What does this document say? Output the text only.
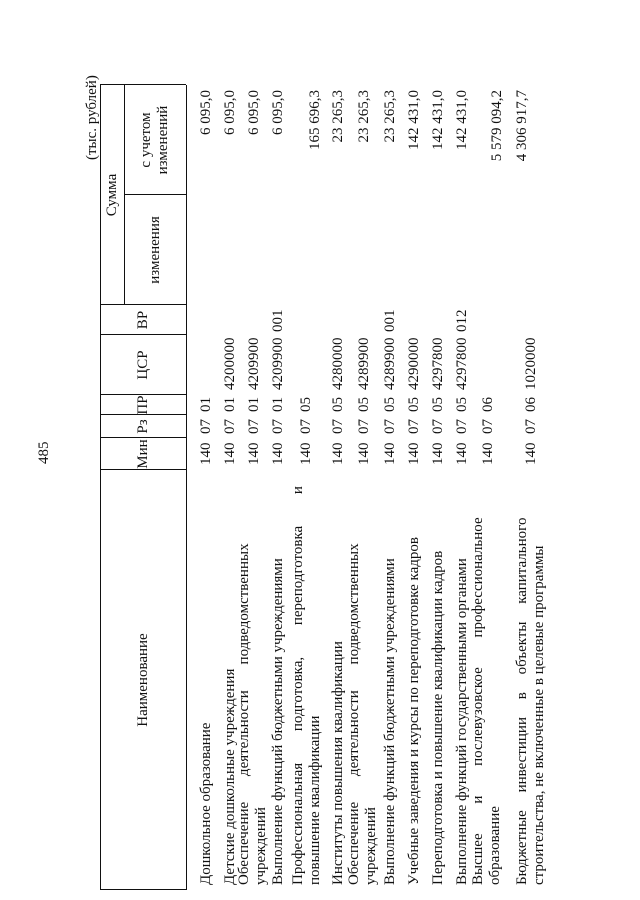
485
(тыс. рублей)
Наименование
Мин
Рз
ПР
ЦСР
ВР
Сумма
изменения
с учетом изменений
Дошкольное образование
140
07
01
6 095,0
Детские дошкольные учреждения
140
07
01
4200000
6 095,0
Обеспечение деятельности подведомственных учреждений
140
07
01
4209900
6 095,0
Выполнение функций бюджетными учреждениями
140
07
01
4209900
001
6 095,0
Профессиональная подготовка, переподготовка и повышение квалификации
140
07
05
165 696,3
Институты повышения квалификации
140
07
05
4280000
23 265,3
Обеспечение деятельности подведомственных учреждений
140
07
05
4289900
23 265,3
Выполнение функций бюджетными учреждениями
140
07
05
4289900
001
23 265,3
Учебные заведения и курсы по переподготовке кадров
140
07
05
4290000
142 431,0
Переподготовка и повышение квалификации кадров
140
07
05
4297800
142 431,0
Выполнение функций государственными органами
140
07
05
4297800
012
142 431,0
Высшее и послевузовское профессиональное образование
140
07
06
5 579 094,2
Бюджетные инвестиции в объекты капитального строительства, не включенные в целевые программы
140
07
06
1020000
4 306 917,7
